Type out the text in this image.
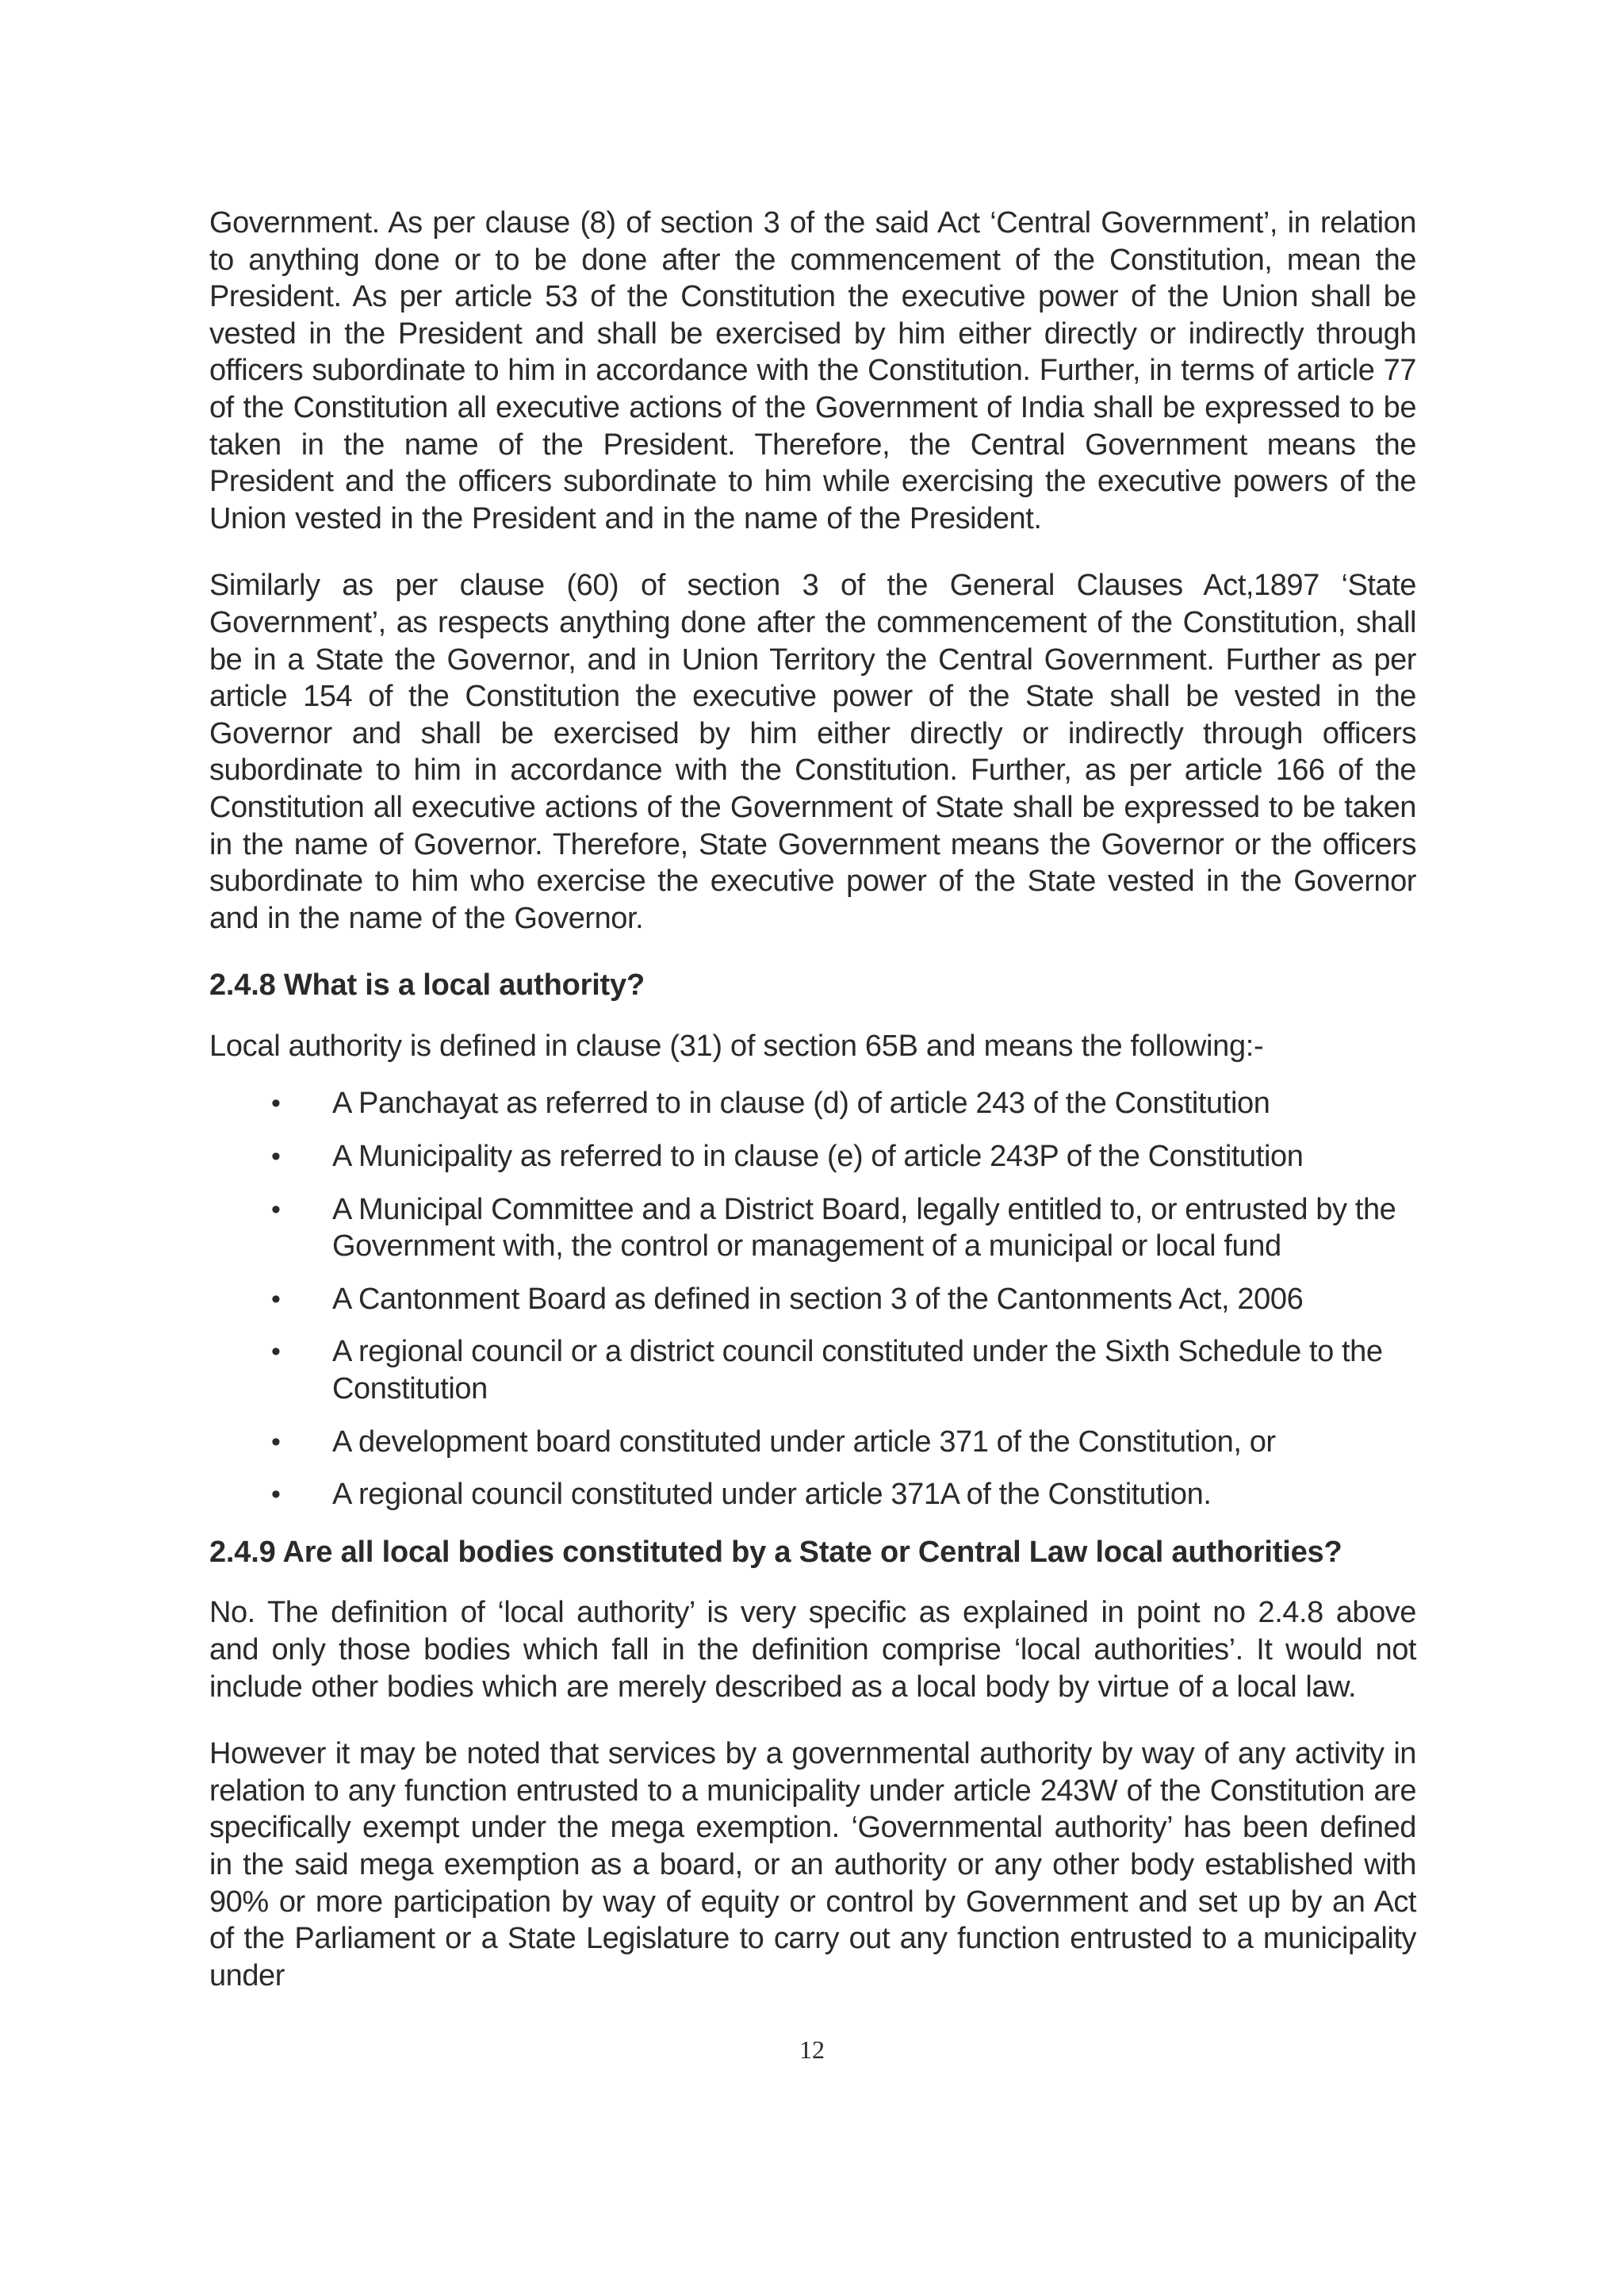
Government. As per clause (8) of section 3 of the said Act ‘Central Government’, in relation to anything done or to be done after the commencement of the Constitution, mean the President. As per article 53 of the Constitution the executive power of the Union shall be vested in the President and shall be exercised by him either directly or indirectly through officers subordinate to him in accordance with the Constitution. Further, in terms of article 77 of the Constitution all executive actions of the Government of India shall be expressed to be taken in the name of the President. Therefore, the Central Government means the President and the officers subordinate to him while exercising the executive powers of the Union vested in the President and in the name of the President.

Similarly as per clause (60) of section 3 of the General Clauses Act,1897 ‘State Government’, as respects anything done after the commencement of the Constitution, shall be in a State the Governor, and in Union Territory the Central Government. Further as per article 154 of the Constitution the executive power of the State shall be vested in the Governor and shall be exercised by him either directly or indirectly through officers subordinate to him in accordance with the Constitution. Further, as per article 166 of the Constitution all executive actions of the Government of State shall be expressed to be taken in the name of Governor. Therefore, State Government means the Governor or the officers subordinate to him who exercise the executive power of the State vested in the Governor and in the name of the Governor.

2.4.8 What is a local authority?

Local authority is defined in clause (31) of section 65B and means the following:-

• A Panchayat as referred to in clause (d) of article 243 of the Constitution
• A Municipality as referred to in clause (e) of article 243P of the Constitution
• A Municipal Committee and a District Board, legally entitled to, or entrusted by the Government with, the control or management of a municipal or local fund
• A Cantonment Board as defined in section 3 of the Cantonments Act, 2006
• A regional council or a district council constituted under the Sixth Schedule to the Constitution
• A development board constituted under article 371 of the Constitution, or
• A regional council constituted under article 371A of the Constitution.
2.4.9 Are all local bodies constituted by a State or Central Law local authorities?

No. The definition of ‘local authority’ is very specific as explained in point no 2.4.8 above and only those bodies which fall in the definition comprise ‘local authorities’. It would not include other bodies which are merely described as a local body by virtue of a local law.

However it may be noted that services by a governmental authority by way of any activity in relation to any function entrusted to a municipality under article 243W of the Constitution are specifically exempt under the mega exemption. ‘Governmental authority’ has been defined in the said mega exemption as a board, or an authority or any other body established with 90% or more participation by way of equity or control by Government and set up by an Act of the Parliament or a State Legislature to carry out any function entrusted to a municipality under

12
